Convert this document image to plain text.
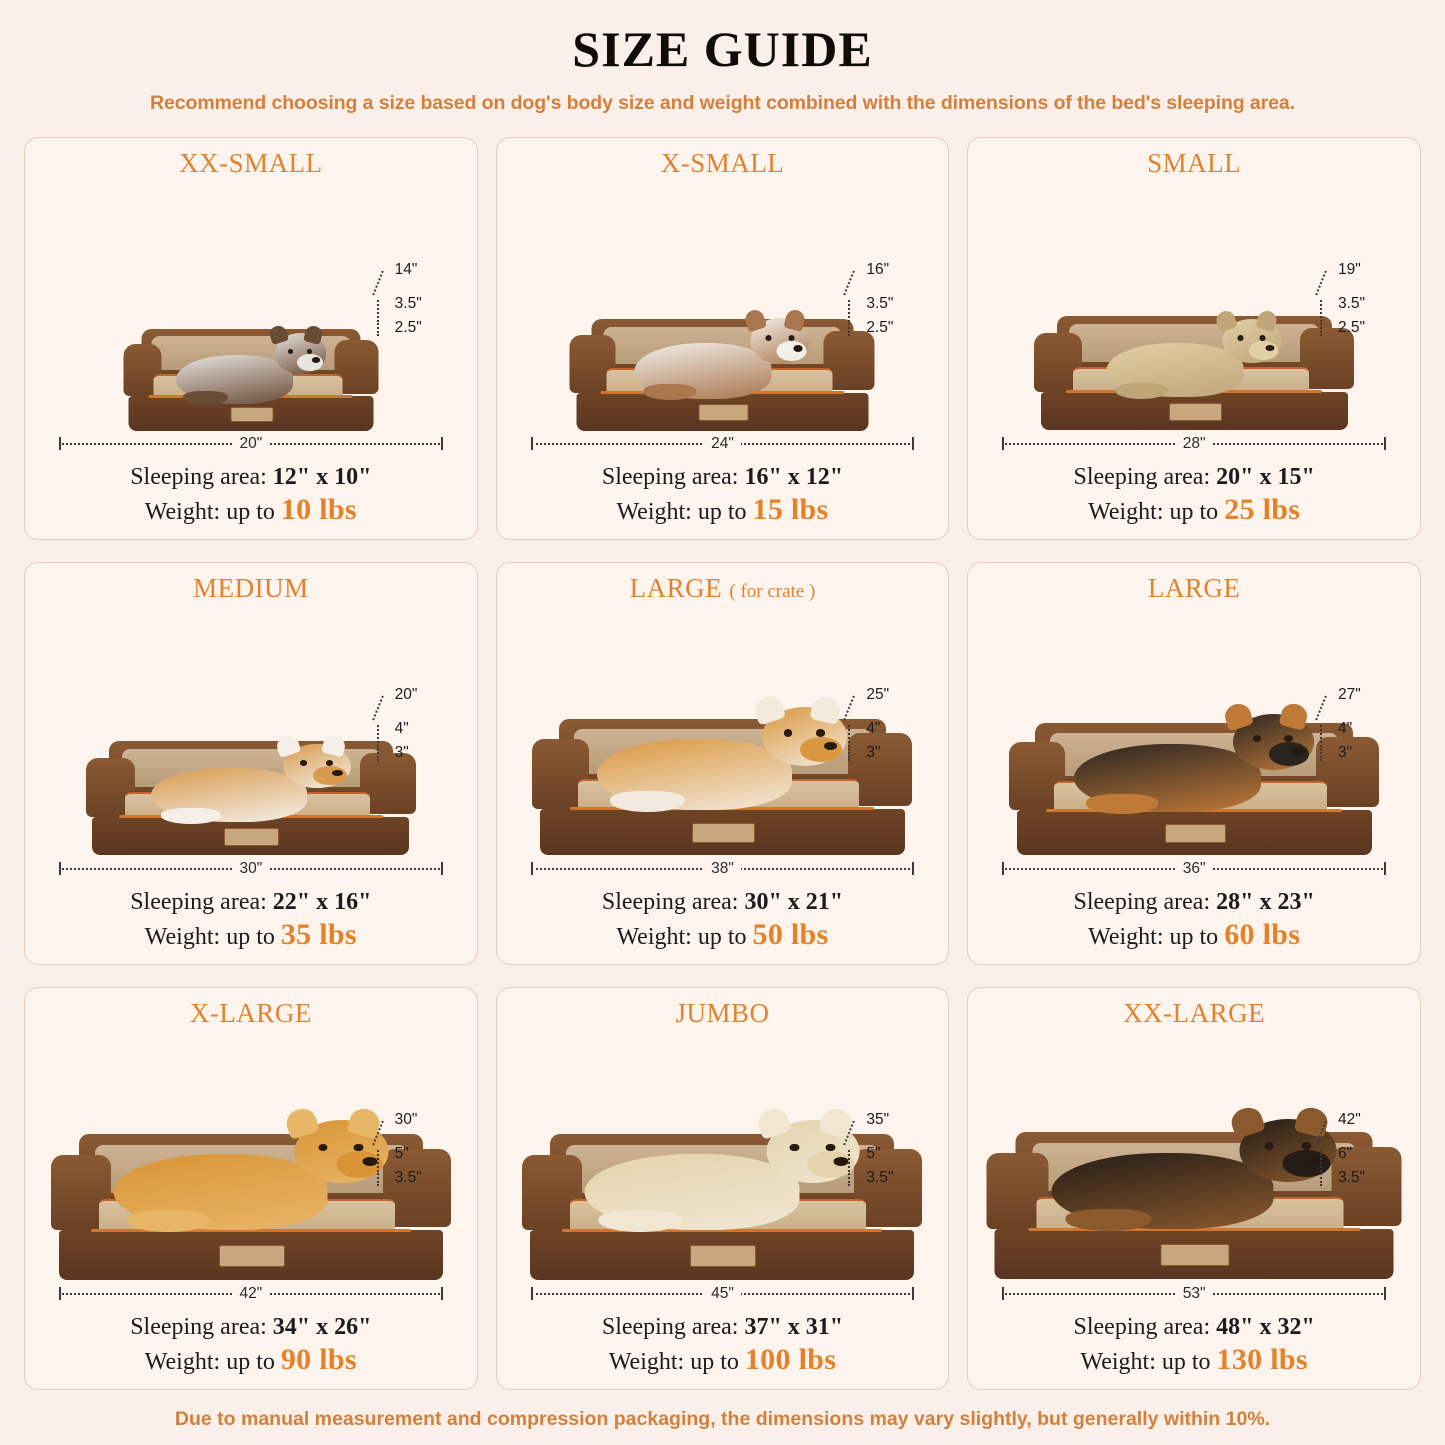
SIZE GUIDE
Recommend choosing a size based on dog's body size and weight combined with the dimensions of the bed's sleeping area.
XX-SMALL
14"
3.5"
2.5"
20"
Sleeping area: 12" x 10"
Weight: up to 10 lbs
X-SMALL
16"
3.5"
2.5"
24"
Sleeping area: 16" x 12"
Weight: up to 15 lbs
SMALL
19"
3.5"
2.5"
28"
Sleeping area: 20" x 15"
Weight: up to 25 lbs
MEDIUM
20"
4"
3"
30"
Sleeping area: 22" x 16"
Weight: up to 35 lbs
LARGE ( for crate )
25"
4"
3"
38"
Sleeping area: 30" x 21"
Weight: up to 50 lbs
LARGE
27"
4"
3"
36"
Sleeping area: 28" x 23"
Weight: up to 60 lbs
X-LARGE
30"
5"
3.5"
42"
Sleeping area: 34" x 26"
Weight: up to 90 lbs
JUMBO
35"
5"
3.5"
45"
Sleeping area: 37" x 31"
Weight: up to 100 lbs
XX-LARGE
42"
6"
3.5"
53"
Sleeping area: 48" x 32"
Weight: up to 130 lbs
Due to manual measurement and compression packaging, the dimensions may vary slightly, but generally within 10%.
